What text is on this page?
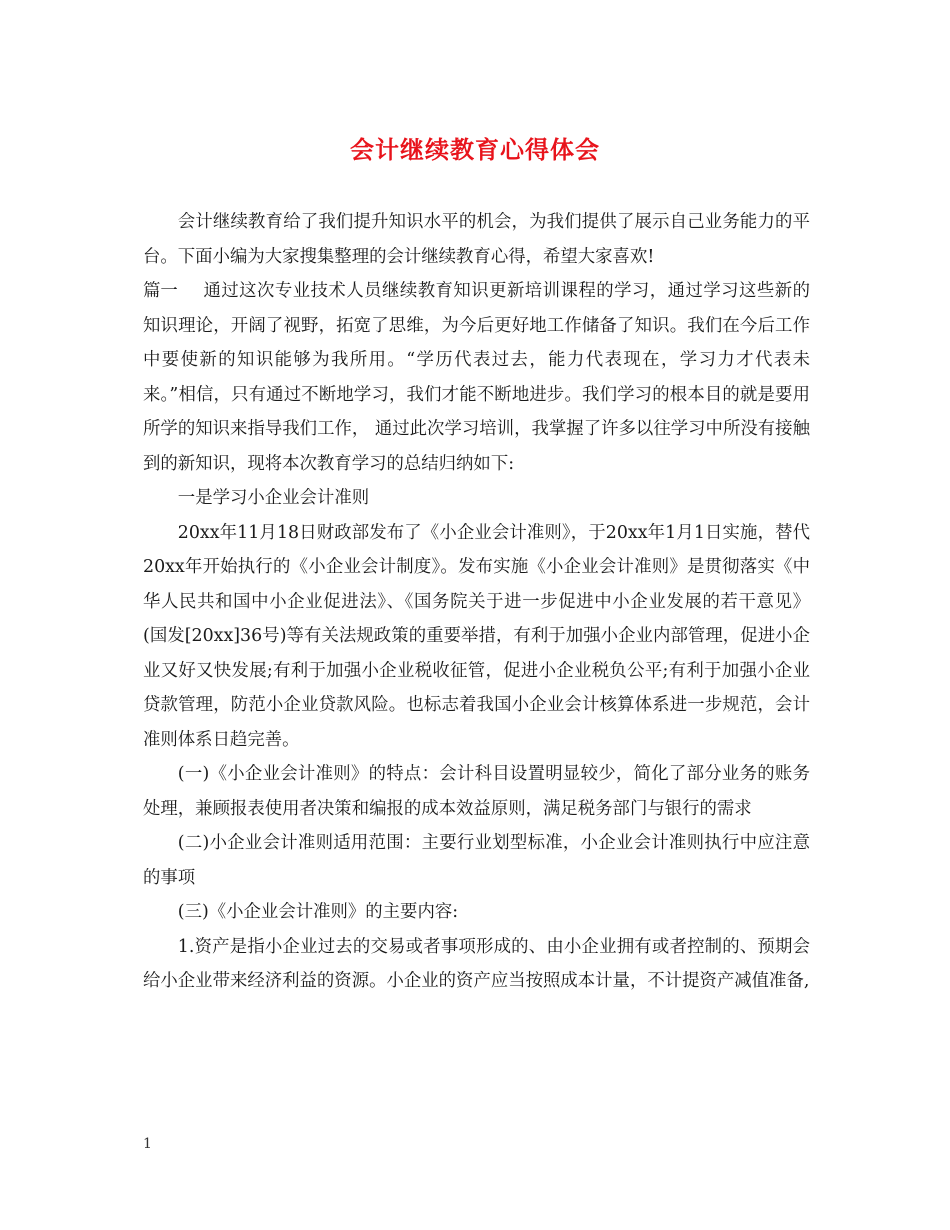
会计继续教育心得体会

会计继续教育给了我们提升知识水平的机会，为我们提供了展示自己业务能力的平台。下面小编为大家搜集整理的会计继续教育心得，希望大家喜欢!

篇一 通过这次专业技术人员继续教育知识更新培训课程的学习，通过学习这些新的知识理论，开阔了视野，拓宽了思维，为今后更好地工作储备了知识。我们在今后工作中要使新的知识能够为我所用。“学历代表过去，能力代表现在，学习力才代表未来。”相信，只有通过不断地学习，我们才能不断地进步。我们学习的根本目的就是要用所学的知识来指导我们工作， 通过此次学习培训，我掌握了许多以往学习中所没有接触到的新知识，现将本次教育学习的总结归纳如下:

一是学习小企业会计准则

20xx年11月18日财政部发布了《小企业会计准则》，于20xx年1月1日实施，替代20xx年开始执行的《小企业会计制度》。发布实施《小企业会计准则》是贯彻落实《中华人民共和国中小企业促进法》、《国务院关于进一步促进中小企业发展的若干意见》(国发[20xx]36号)等有关法规政策的重要举措，有利于加强小企业内部管理，促进小企业又好又快发展;有利于加强小企业税收征管，促进小企业税负公平;有利于加强小企业贷款管理，防范小企业贷款风险。也标志着我国小企业会计核算体系进一步规范，会计准则体系日趋完善。

(一)《小企业会计准则》的特点：会计科目设置明显较少，简化了部分业务的账务处理，兼顾报表使用者决策和编报的成本效益原则，满足税务部门与银行的需求

(二)小企业会计准则适用范围：主要行业划型标准，小企业会计准则执行中应注意的事项

(三)《小企业会计准则》的主要内容:

1.资产是指小企业过去的交易或者事项形成的、由小企业拥有或者控制的、预期会给小企业带来经济利益的资源。小企业的资产应当按照成本计量，不计提资产减值准备,

1
